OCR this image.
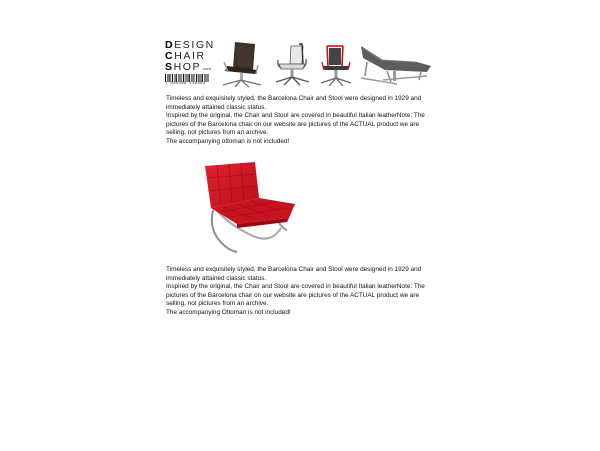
DESIGN
CHAIR
SHOP.com
7 004409 116464

Timeless and exquisitely styled, the Barcelona Chair and Stool were designed in 1929 and immediately attained classic status.

Inspired by the original, the Chair and Stool are covered in beautiful Italian leatherNote: The pictures of the Barcelona chair on our website are pictures of the ACTUAL product we are selling, not pictures from an archive.

The accompanying ottoman is not included!

Timeless and exquisitely styled, the Barcelona Chair and Stool were designed in 1929 and immediately attained classic status.

Inspired by the original, the Chair and Stool are covered in beautiful Italian leatherNote: The pictures of the Barcelona chair on our website are pictures of the ACTUAL product we are selling, not pictures from an archive.

The accompanying Ottoman is not included!
